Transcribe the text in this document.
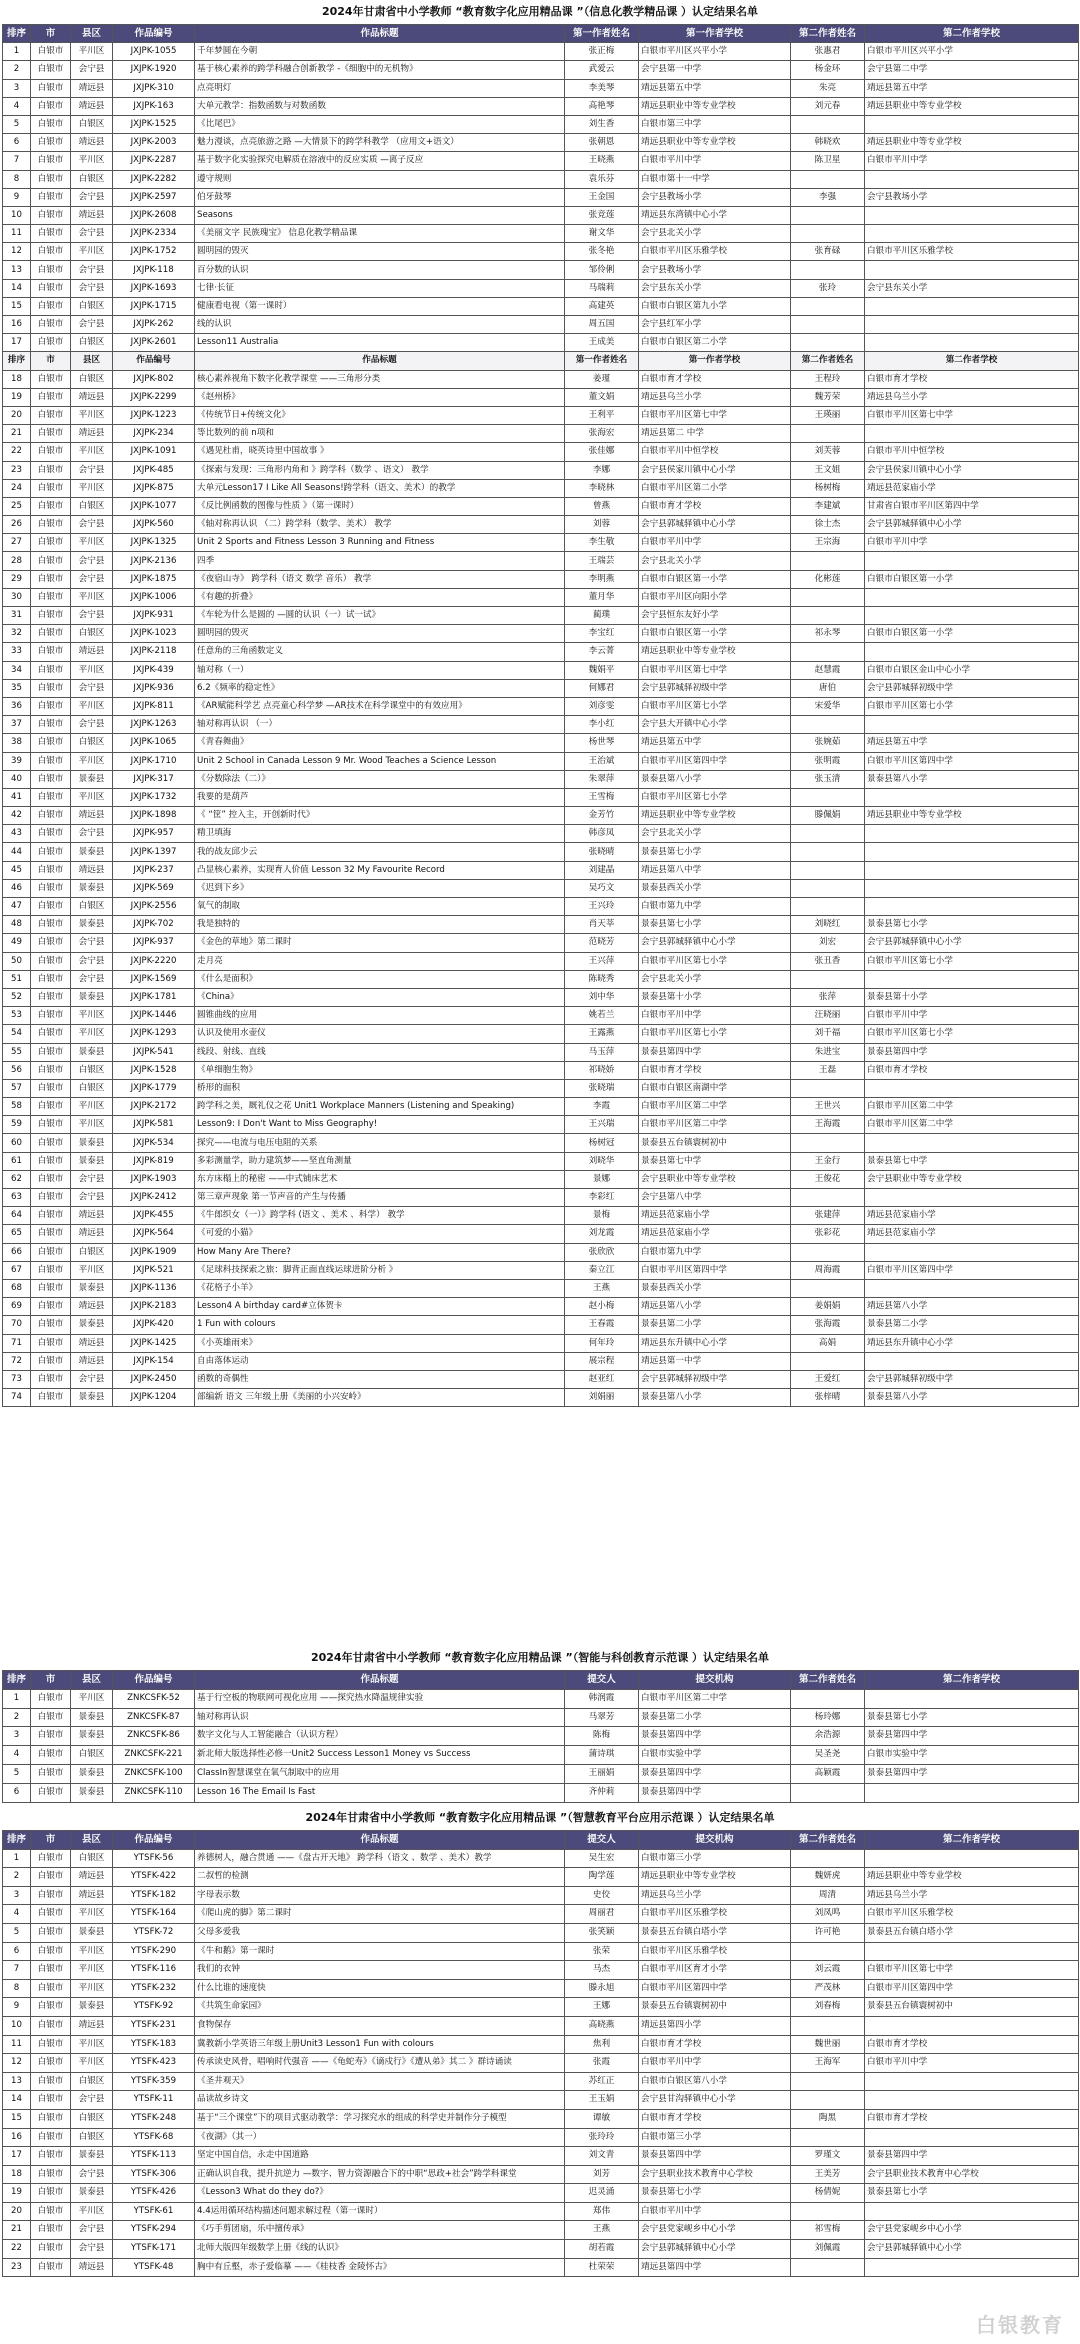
2024年甘肃省中小学教师 “教育数字化应用精品课 ”（信息化教学精品课 ）认定结果名单
排序	市	县区	作品编号	作品标题	第一作者姓名	第一作者学校	第二作者姓名	第二作者学校
1	白银市	平川区	JXJPK-1055	千年梦圆在今朝	张正梅	白银市平川区兴平小学	张惠君	白银市平川区兴平小学
2	白银市	会宁县	JXJPK-1920	基于核心素养的跨学科融合创新教学 -《细胞中的无机物》	武爱云	会宁县第一中学	杨金环	会宁县第二中学
3	白银市	靖远县	JXJPK-310	点亮明灯	李美琴	靖远县第五中学	朱亮	靖远县第五中学
4	白银市	靖远县	JXJPK-163	大单元教学：指数函数与对数函数	高艳琴	靖远县职业中等专业学校	刘元春	靖远县职业中等专业学校
5	白银市	白银区	JXJPK-1525	《比尾巴》	刘生香	白银市第三中学		
6	白银市	靖远县	JXJPK-2003	魅力漫谈，点亮旅游之路 —大情景下的跨学科教学 （应用文+语文）	张朝恩	靖远县职业中等专业学校	韩晓欢	靖远县职业中等专业学校
7	白银市	平川区	JXJPK-2287	基于数字化实验探究电解质在溶液中的反应实质 —离子反应	王晓燕	白银市平川中学	陈卫星	白银市平川中学
8	白银市	白银区	JXJPK-2282	遵守规则	袁乐芬	白银市第十一中学		
9	白银市	会宁县	JXJPK-2597	伯牙鼓琴	王金国	会宁县教场小学	李强	会宁县教场小学
10	白银市	靖远县	JXJPK-2608	Seasons	张竞莲	靖远县东湾镇中心小学		
11	白银市	会宁县	JXJPK-2334	《美丽文字 民族瑰宝》 信息化教学精品课	谢文华	会宁县北关小学		
12	白银市	平川区	JXJPK-1752	圆明园的毁灭	张冬艳	白银市平川区乐雅学校	张育碌	白银市平川区乐雅学校
13	白银市	会宁县	JXJPK-118	百分数的认识	邹伶俐	会宁县教场小学		
14	白银市	会宁县	JXJPK-1693	七律·长征	马瑞莉	会宁县东关小学	张玲	会宁县东关小学
15	白银市	白银区	JXJPK-1715	健康看电视（第一课时）	高建英	白银市白银区第九小学		
16	白银市	会宁县	JXJPK-262	线的认识	周五国	会宁县红军小学		
17	白银市	白银区	JXJPK-2601	Lesson11 Australia	王成美	白银市白银区第二小学		
排序	市	县区	作品编号	作品标题	第一作者姓名	第一作者学校	第二作者姓名	第二作者学校
18	白银市	白银区	JXJPK-802	核心素养视角下数字化教学课堂 ——三角形分类	姜瑾	白银市育才学校	王程玲	白银市育才学校
19	白银市	靖远县	JXJPK-2299	《赵州桥》	董文娟	靖远县乌兰小学	魏芳荣	靖远县乌兰小学
20	白银市	平川区	JXJPK-1223	《传统节日+传统文化》	王利平	白银市平川区第七中学	王瑛丽	白银市平川区第七中学
21	白银市	靖远县	JXJPK-234	等比数列的前 n项和	张海宏	靖远县第二 中学		
22	白银市	平川区	JXJPK-1091	《遇见杜甫，晓英诗里中国故事 》	张佳娜	白银市平川中恒学校	刘芙蓉	白银市平川中恒学校
23	白银市	会宁县	JXJPK-485	《探索与发现：三角形内角和 》跨学科（数学 、语文） 教学	李娜	会宁县侯家川镇中心小学	王文姐	会宁县侯家川镇中心小学
24	白银市	平川区	JXJPK-875	大单元Lesson17 I Like All Seasons!跨学科（语文、美术）的教学	李晓林	白银市平川区第二小学	杨树梅	靖远县范家庙小学
25	白银市	白银区	JXJPK-1077	《反比例函数的图像与性质 》（第一课时）	曾燕	白银市育才学校	李建斌	甘肃省白银市平川区第四中学
26	白银市	会宁县	JXJPK-560	《轴对称再认识 （二）跨学科（数学、美术） 教学	刘蓉	会宁县郭城驿镇中心小学	徐士杰	会宁县郭城驿镇中心小学
27	白银市	平川区	JXJPK-1325	Unit 2 Sports and Fitness Lesson 3 Running and Fitness	李生敬	白银市平川中学	王宗海	白银市平川中学
28	白银市	会宁县	JXJPK-2136	四季	王瑞芸	会宁县北关小学		
29	白银市	会宁县	JXJPK-1875	《夜宿山寺》 跨学科（语文 数学 音乐） 教学	李明燕	白银市白银区第一小学	化彬莲	白银市白银区第一小学
30	白银市	平川区	JXJPK-1006	《有趣的折叠》	董月华	白银市平川区向阳小学		
31	白银市	会宁县	JXJPK-931	《车轮为什么是圆的 —圆的认识（一）试一试》	蔺璞	会宁县恒东友好小学		
32	白银市	白银区	JXJPK-1023	圆明园的毁灭	李宝红	白银市白银区第一小学	祁永琴	白银市白银区第一小学
33	白银市	靖远县	JXJPK-2118	任意角的三角函数定义	李云菁	靖远县职业中等专业学校		
34	白银市	平川区	JXJPK-439	轴对称（一）	魏娟平	白银市平川区第七中学	赵慧霞	白银市白银区金山中心小学
35	白银市	会宁县	JXJPK-936	6.2《频率的稳定性》	何娜君	会宁县郭城驿初级中学	唐伯	会宁县郭城驿初级中学
36	白银市	平川区	JXJPK-811	《AR赋能科学艺 点亮童心科学梦 —AR技术在科学课堂中的有效应用》	刘彦雯	白银市平川区第七小学	宋爱华	白银市平川区第七小学
37	白银市	会宁县	JXJPK-1263	轴对称再认识 （一）	李小红	会宁县大开镇中心小学		
38	白银市	白银区	JXJPK-1065	《青春舞曲》	杨世琴	靖远县第五中学	张婉茹	靖远县第五中学
39	白银市	平川区	JXJPK-1710	Unit 2 School in Canada Lesson 9 Mr. Wood Teaches a Science Lesson	王治斌	白银市平川区第四中学	张明霞	白银市平川区第四中学
40	白银市	景泰县	JXJPK-317	《分数除法（二）》	朱翠萍	景泰县第八小学	张玉清	景泰县第八小学
41	白银市	平川区	JXJPK-1732	我要的是葫芦	王雪梅	白银市平川区第七小学		
42	白银市	靖远县	JXJPK-1898	《 “筐” 控入主，开创新时代》	金芳竹	靖远县职业中等专业学校	滕佩娟	靖远县职业中等专业学校
43	白银市	会宁县	JXJPK-957	精卫填海	韩彦凤	会宁县北关小学		
44	白银市	景泰县	JXJPK-1397	我的战友邱少云	张晓晴	景泰县第七小学		
45	白银市	靖远县	JXJPK-237	凸显核心素养，实现育人价值 Lesson 32 My Favourite Record	刘建晶	靖远县第八中学		
46	白银市	景泰县	JXJPK-569	《迟到下乡》	吴巧文	景泰县西关小学		
47	白银市	白银区	JXJPK-2556	氧气的制取	王兴玲	白银市第九中学		
48	白银市	景泰县	JXJPK-702	我是独特的	肖天莘	景泰县第七小学	刘晓红	景泰县第七小学
49	白银市	会宁县	JXJPK-937	《金色的草地》第二课时	范晓芳	会宁县郭城驿镇中心小学	刘宏	会宁县郭城驿镇中心小学
50	白银市	会宁县	JXJPK-2220	走月亮	王兴萍	白银市平川区第七小学	张丑香	白银市平川区第七小学
51	白银市	会宁县	JXJPK-1569	《什么是面积》	陈晓秀	会宁县北关小学		
52	白银市	景泰县	JXJPK-1781	《China》	刘中华	景泰县第十小学	张萍	景泰县第十小学
53	白银市	平川区	JXJPK-1446	圆锥曲线的应用	姚若兰	白银市平川中学	汪晓丽	白银市平川中学
54	白银市	平川区	JXJPK-1293	认识及使用水壶仪	王露燕	白银市平川区第七小学	刘千福	白银市平川区第七小学
55	白银市	景泰县	JXJPK-541	线段、射线、直线	马玉萍	景泰县第四中学	朱进宝	景泰县第四中学
56	白银市	白银区	JXJPK-1528	《单细胞生物》	祁晓娇	白银市育才学校	王磊	白银市育才学校
57	白银市	白银区	JXJPK-1779	桥形的面积	张晓瑞	白银市白银区南湖中学		
58	白银市	平川区	JXJPK-2172	跨学科之美，厩礼仪之花 Unit1 Workplace Manners (Listening and Speaking)	李霞	白银市平川区第二中学	王世兴	白银市平川区第二中学
59	白银市	平川区	JXJPK-581	Lesson9: I Don't Want to Miss Geography!	王兴瑞	白银市平川区第二中学	王海霞	白银市平川区第二中学
60	白银市	景泰县	JXJPK-534	探究——电流与电压电阻的关系	杨树冠	景泰县五台镇寰树初中		
61	白银市	景泰县	JXJPK-819	多彩测量学，助力建筑梦——坚直角测量	刘晓华	景泰县第七中学	王金行	景泰县第七中学
62	白银市	会宁县	JXJPK-1903	东方床榻上的秘密 ——中式铺床艺术	景娜	会宁县职业中等专业学校	王俊花	会宁县职业中等专业学校
63	白银市	会宁县	JXJPK-2412	第三章声现象 第一节声音的产生与传播	李彩红	会宁县第八中学		
64	白银市	靖远县	JXJPK-455	《牛郎织女（一）》跨学科 (语文 、美术 、科学） 教学	景梅	靖远县范家庙小学	张建萍	靖远县范家庙小学
65	白银市	靖远县	JXJPK-564	《可爱的小猫》	刘龙霞	靖远县范家庙小学	张彩花	靖远县范家庙小学
66	白银市	白银区	JXJPK-1909	How Many Are There?	张欣欣	白银市第九中学		
67	白银市	平川区	JXJPK-521	《足球科技探索之旅：脚背正面直线运球进阶分析 》	秦立江	白银市平川区第四中学	周海霞	白银市平川区第四中学
68	白银市	景泰县	JXJPK-1136	《花格子小羊》	王燕	景泰县西关小学		
69	白银市	靖远县	JXJPK-2183	Lesson4 A birthday card#立体贺卡	赵小梅	靖远县第八小学	姜娟娟	靖远县第八小学
70	白银市	景泰县	JXJPK-420	1 Fun with colours	王春霞	景泰县第二小学	张海霞	景泰县第二小学
71	白银市	靖远县	JXJPK-1425	《小英雄雨来》	何年玲	靖远县东升镇中心小学	高娟	靖远县东升镇中心小学
72	白银市	靖远县	JXJPK-154	自由落体运动	展宗程	靖远县第一中学		
73	白银市	会宁县	JXJPK-2450	函数的奇偶性	赵亚红	会宁县郭城驿初级中学	王爱红	会宁县郭城驿初级中学
74	白银市	景泰县	JXJPK-1204	部编新 语文 三年级上册《美丽的小兴安岭》	刘娟丽	景泰县第八小学	张梓晴	景泰县第八小学
2024年甘肃省中小学教师 “教育数字化应用精品课 ”（智能与科创教育示范课 ）认定结果名单
排序	市	县区	作品编号	作品标题	提交人	提交机构	第二作者姓名	第二作者学校
1	白银市	平川区	ZNKCSFK-52	基于行空板的物联网可视化应用 ——探究热水降温规律实验	韩润霞	白银市平川区第二中学		
2	白银市	景泰县	ZNKCSFK-87	轴对称再认识	马翠芳	景泰县第二小学	杨玲娜	景泰县第七小学
3	白银市	景泰县	ZNKCSFK-86	数字文化与人工智能融合（认识方程）	陈梅	景泰县第四中学	余浩源	景泰县第四中学
4	白银市	白银区	ZNKCSFK-221	新北师大版选择性必修一Unit2 Success Lesson1 Money vs Success	蒲诗琪	白银市实验中学	吴圣尧	白银市实验中学
5	白银市	景泰县	ZNKCSFK-100	ClassIn智慧课堂在氧气制取中的应用	王丽娟	景泰县第四中学	高颖霞	景泰县第四中学
6	白银市	景泰县	ZNKCSFK-110	Lesson 16 The Email Is Fast	齐仲莉	景泰县第四中学		
2024年甘肃省中小学教师 “教育数字化应用精品课 ”（智慧教育平台应用示范课 ）认定结果名单
排序	市	县区	作品编号	作品标题	提交人	提交机构	第二作者姓名	第二作者学校
1	白银市	白银区	YTSFK-56	养德树人，融合贯通 ——《盘古开天地》 跨学科（语文 、数学 、美术）教学	吴生宏	白银市第三小学		
2	白银市	靖远县	YTSFK-422	二叔哲的检测	陶学莲	靖远县职业中等专业学校	魏妍虎	靖远县职业中等专业学校
3	白银市	靖远县	YTSFK-182	字母表示数	史佼	靖远县乌兰小学	周清	靖远县乌兰小学
4	白银市	平川区	YTSFK-164	《爬山虎的脚》第二课时	周丽君	白银市平川区乐雅学校	刘凤鸣	白银市平川区乐雅学校
5	白银市	景泰县	YTSFK-72	父母多爱我	张笑颖	景泰县五台镇白塔小学	许可艳	景泰县五台镇白塔小学
6	白银市	平川区	YTSFK-290	《牛和鹅》第一课时	张荣	白银市平川区乐雅学校		
7	白银市	平川区	YTSFK-116	我们的衣钟	马杰	白银市平川区育才小学	刘云霞	白银市平川区第七中学
8	白银市	平川区	YTSFK-232	什么比谁的速度快	滕永旭	白银市平川区第四中学	严茂林	白银市平川区第四中学
9	白银市	景泰县	YTSFK-92	《共筑生命家园》	王娜	景泰县五台镇寰树初中	刘春梅	景泰县五台镇寰树初中
10	白银市	靖远县	YTSFK-231	食物保存	高晓燕	靖远县第四小学		
11	白银市	平川区	YTSFK-183	冀教新小学英语三年级上册Unit3 Lesson1 Fun with colours	焦利	白银市育才学校	魏世丽	白银市育才学校
12	白银市	平川区	YTSFK-423	传承读史风骨，唱响时代强音 ——《龟蛇寿》《谪戍行》《遭从弟》其二 》群诗诵读	张霞	白银市平川中学	王海军	白银市平川中学
13	白银市	白银区	YTSFK-359	《圣井观天》	苏红正	白银市白银区第八小学		
14	白银市	会宁县	YTSFK-11	品读故乡诗文	王玉娟	会宁县甘沟驿镇中心小学		
15	白银市	白银区	YTSFK-248	基于“三个课堂”下的项目式驱动教学：学习探究水的组成的科学史并制作分子模型	谭敏	白银市育才学校	陶黑	白银市育才学校
16	白银市	白银区	YTSFK-68	《夜湖》（其一）	张玲玲	白银市第三小学		
17	白银市	景泰县	YTSFK-113	坚定中国自信，永走中国道路	刘文青	景泰县第四中学	罗瑾文	景泰县第四中学
18	白银市	会宁县	YTSFK-306	正确认识自我，提升抗逆力 —数字、智力资源融合下的中职“思政+社会”跨学科课堂	刘芳	会宁县职业技术教育中心学校	王美芳	会宁县职业技术教育中心学校
19	白银市	景泰县	YTSFK-426	《Lesson3 What do they do?》	迟灵涌	景泰县第七小学	杨倩妮	景泰县第七小学
20	白银市	平川区	YTSFK-61	4.4运用循环结构描述问题求解过程（第一课时）	郑伟	白银市平川中学		
21	白银市	会宁县	YTSFK-294	《巧手剪团扇，乐中擅传承》	王燕	会宁县党家岘乡中心小学	祁雪梅	会宁县党家岘乡中心小学
22	白银市	会宁县	YTSFK-171	北师大版四年级数学上册《线的认识》	胡若霞	会宁县郭城驿镇中心小学	刘佩霞	会宁县郭城驿镇中心小学
23	白银市	靖远县	YTSFK-48	胸中有丘壑，赤子爱临摹 ——《桂枝香 金陵怀古》	杜荣荣	靖远县第四中学		
白银教育
